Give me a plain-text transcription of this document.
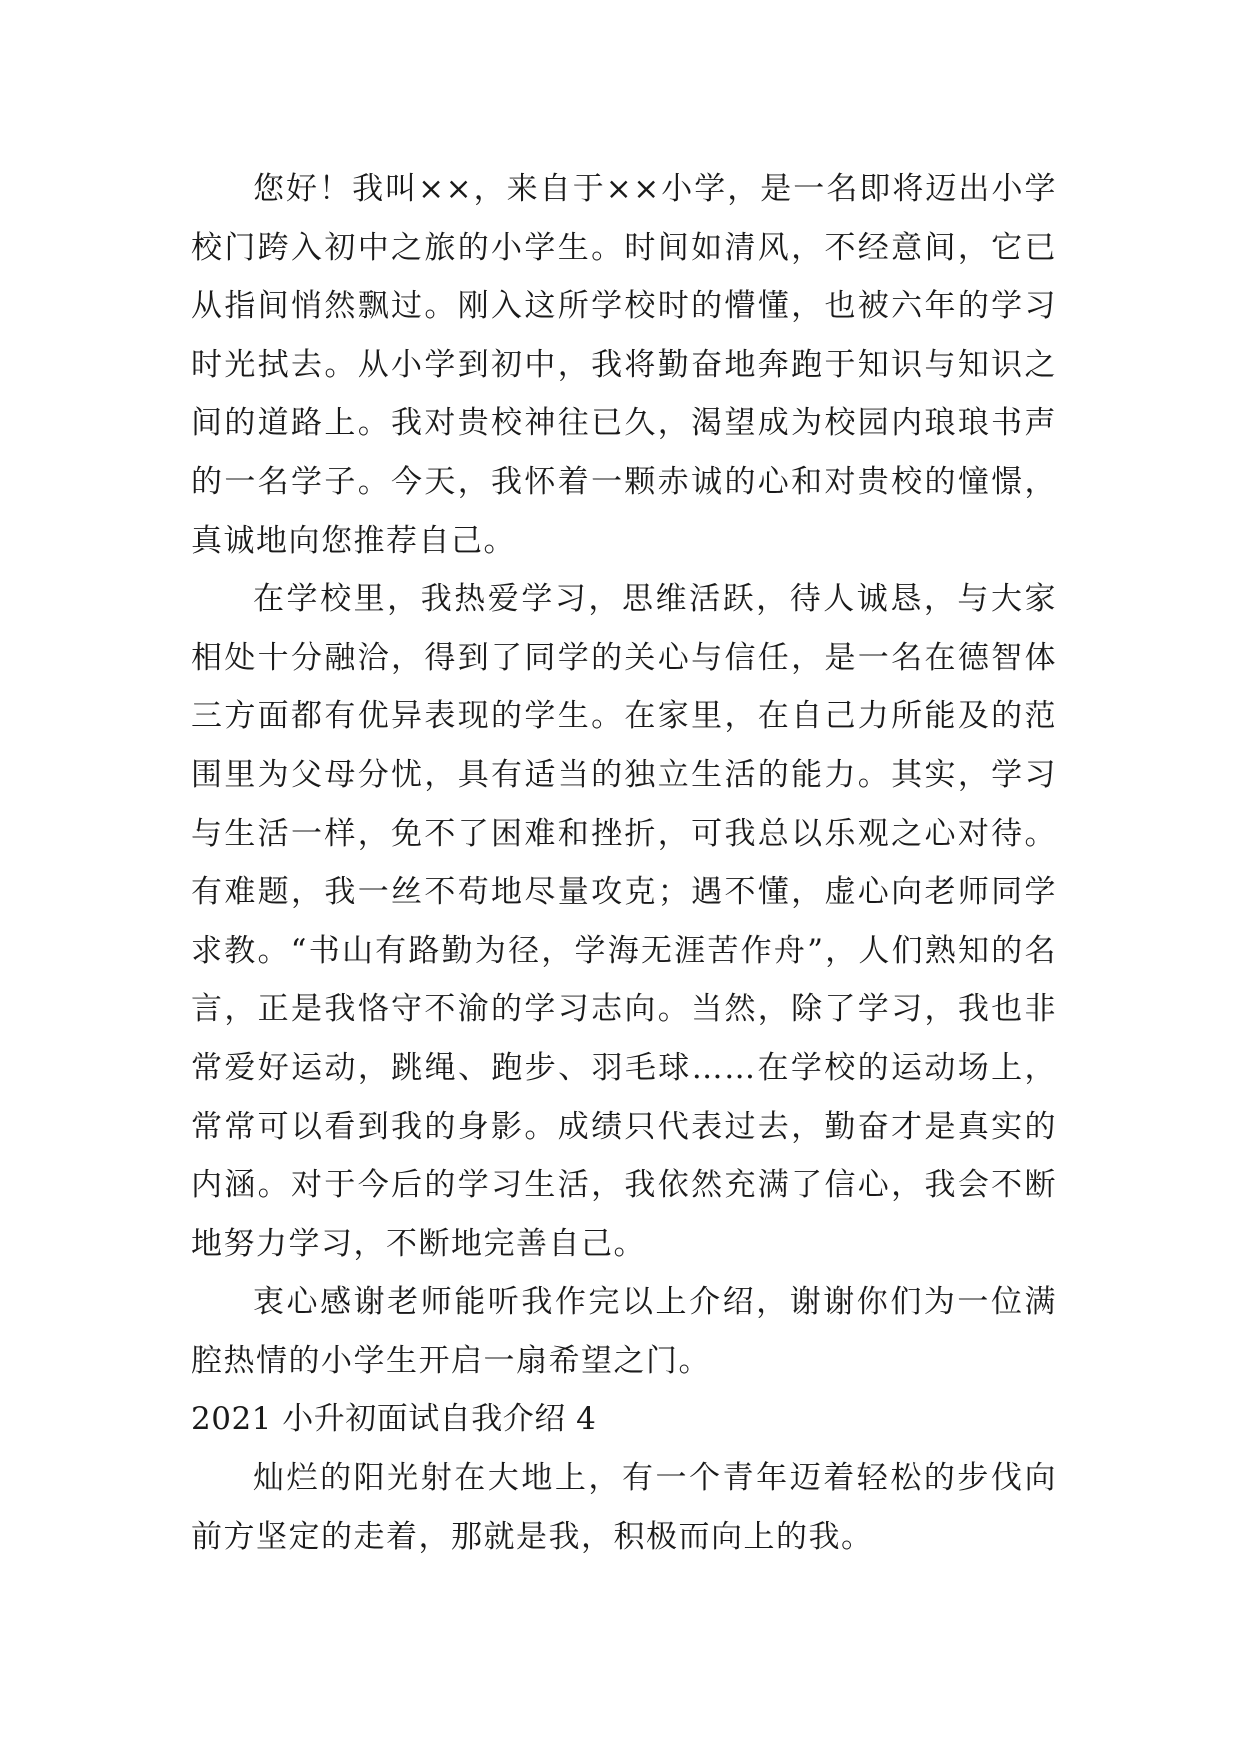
您好！我叫××，来自于××小学，是一名即将迈出小学校门跨入初中之旅的小学生。时间如清风，不经意间，它已从指间悄然飘过。刚入这所学校时的懵懂，也被六年的学习时光拭去。从小学到初中，我将勤奋地奔跑于知识与知识之间的道路上。我对贵校神往已久，渴望成为校园内琅琅书声的一名学子。今天，我怀着一颗赤诚的心和对贵校的憧憬，真诚地向您推荐自己。

在学校里，我热爱学习，思维活跃，待人诚恳，与大家相处十分融洽，得到了同学的关心与信任，是一名在德智体三方面都有优异表现的学生。在家里，在自己力所能及的范围里为父母分忧，具有适当的独立生活的能力。其实，学习与生活一样，免不了困难和挫折，可我总以乐观之心对待。有难题，我一丝不苟地尽量攻克；遇不懂，虚心向老师同学求教。“书山有路勤为径，学海无涯苦作舟”，人们熟知的名言，正是我恪守不渝的学习志向。当然，除了学习，我也非常爱好运动，跳绳、跑步、羽毛球……在学校的运动场上，常常可以看到我的身影。成绩只代表过去，勤奋才是真实的内涵。对于今后的学习生活，我依然充满了信心，我会不断地努力学习，不断地完善自己。

衷心感谢老师能听我作完以上介绍，谢谢你们为一位满腔热情的小学生开启一扇希望之门。

2021 小升初面试自我介绍 4

灿烂的阳光射在大地上，有一个青年迈着轻松的步伐向前方坚定的走着，那就是我，积极而向上的我。
